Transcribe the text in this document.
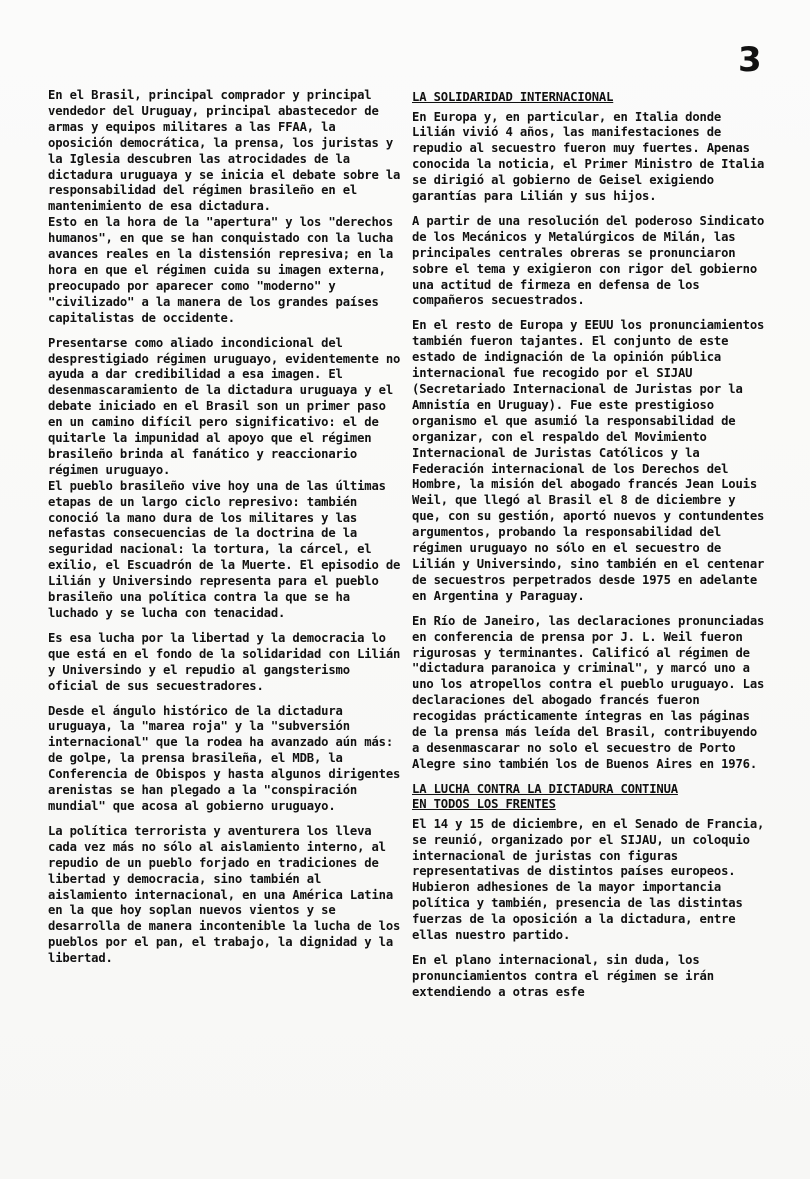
3

En el Brasil, principal comprador y principal vendedor del Uruguay, principal abastecedor de armas y equipos militares a las FFAA, la oposición democrática, la prensa, los juristas y la Iglesia descubren las atrocidades de la dictadura uruguaya y se inicia el debate sobre la responsabilidad del régimen brasileño en el mantenimiento de esa dictadura.
Esto en la hora de la "apertura" y los "derechos humanos", en que se han conquistado con la lucha avances reales en la distensión represiva; en la hora en que el régimen cuida su imagen externa, preocupado por aparecer como "moderno" y "civilizado" a la manera de los grandes países capitalistas de occidente.

Presentarse como aliado incondicional del desprestigiado régimen uruguayo, evidentemente no ayuda a dar credibilidad a esa imagen. El desenmascaramiento de la dictadura uruguaya y el debate iniciado en el Brasil son un primer paso en un camino difícil pero significativo: el de quitarle la impunidad al apoyo que el régimen brasileño brinda al fanático y reaccionario régimen uruguayo.
El pueblo brasileño vive hoy una de las últimas etapas de un largo ciclo represivo: también conoció la mano dura de los militares y las nefastas consecuencias de la doctrina de la seguridad nacional: la tortura, la cárcel, el exilio, el Escuadrón de la Muerte. El episodio de Lilián y Universindo representa para el pueblo brasileño una política contra la que se ha luchado y se lucha con tenacidad.

Es esa lucha por la libertad y la democracia lo que está en el fondo de la solidaridad con Lilián y Universindo y el repudio al gangsterismo oficial de sus secuestradores.

Desde el ángulo histórico de la dictadura uruguaya, la "marea roja" y la "subversión internacional" que la rodea ha avanzado aún más: de golpe, la prensa brasileña, el MDB, la Conferencia de Obispos y hasta algunos dirigentes arenistas se han plegado a la "conspiración mundial" que acosa al gobierno uruguayo.

La política terrorista y aventurera los lleva cada vez más no sólo al aislamiento interno, al repudio de un pueblo forjado en tradiciones de libertad y democracia, sino también al aislamiento internacional, en una América Latina en la que hoy soplan nuevos vientos y se desarrolla de manera incontenible la lucha de los pueblos por el pan, el trabajo, la dignidad y la libertad.

LA SOLIDARIDAD INTERNACIONAL

En Europa y, en particular, en Italia donde Lilián vivió 4 años, las manifestaciones de repudio al secuestro fueron muy fuertes. Apenas conocida la noticia, el Primer Ministro de Italia se dirigió al gobierno de Geisel exigiendo garantías para Lilián y sus hijos.

A partir de una resolución del poderoso Sindicato de los Mecánicos y Metalúrgicos de Milán, las principales centrales obreras se pronunciaron sobre el tema y exigieron con rigor del gobierno una actitud de firmeza en defensa de los compañeros secuestrados.

En el resto de Europa y EEUU los pronunciamientos también fueron tajantes. El conjunto de este estado de indignación de la opinión pública internacional fue recogido por el SIJAU (Secretariado Internacional de Juristas por la Amnistía en Uruguay). Fue este prestigioso organismo el que asumió la responsabilidad de organizar, con el respaldo del Movimiento Internacional de Juristas Católicos y la Federación internacional de los Derechos del Hombre, la misión del abogado francés Jean Louis Weil, que llegó al Brasil el 8 de diciembre y que, con su gestión, aportó nuevos y contundentes argumentos, probando la responsabilidad del régimen uruguayo no sólo en el secuestro de Lilián y Universindo, sino también en el centenar de secuestros perpetrados desde 1975 en adelante en Argentina y Paraguay.

En Río de Janeiro, las declaraciones pronunciadas en conferencia de prensa por J. L. Weil fueron rigurosas y terminantes. Calificó al régimen de "dictadura paranoica y criminal", y marcó uno a uno los atropellos contra el pueblo uruguayo. Las declaraciones del abogado francés fueron recogidas prácticamente íntegras en las páginas de la prensa más leída del Brasil, contribuyendo a desenmascarar no solo el secuestro de Porto Alegre sino también los de Buenos Aires en 1976.

LA LUCHA CONTRA LA DICTADURA CONTINUA
EN TODOS LOS FRENTES

El 14 y 15 de diciembre, en el Senado de Francia, se reunió, organizado por el SIJAU, un coloquio internacional de juristas con figuras representativas de distintos países europeos. Hubieron adhesiones de la mayor importancia política y también, presencia de las distintas fuerzas de la oposición a la dictadura, entre ellas nuestro partido.

En el plano internacional, sin duda, los pronunciamientos contra el régimen se irán extendiendo a otras esfe
